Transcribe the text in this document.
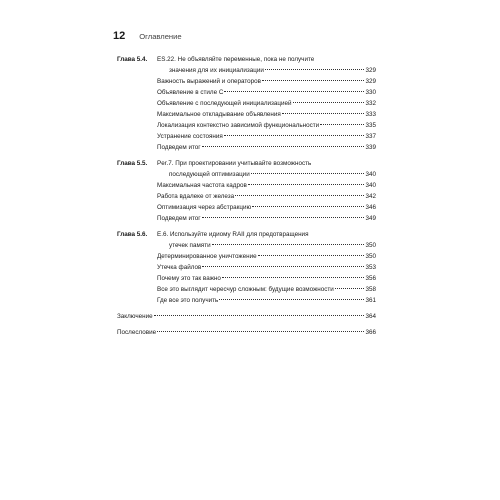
12 Оглавление
Глава 5.4.	ES.22. Не объявляйте переменные, пока не получите
значения для их инициализации	329
Важность выражений и операторов	329
Объявление в стиле C	330
Объявление с последующей инициализацией	332
Максимальное откладывание объявления	333
Локализация контекстно зависимой функциональности	335
Устранение состояния	337
Подведем итог	339
Глава 5.5.	Per.7. При проектировании учитывайте возможность
последующей оптимизации	340
Максимальная частота кадров	340
Работа вдалеке от железа	342
Оптимизация через абстракцию	346
Подведем итог	349
Глава 5.6.	E.6. Используйте идиому RAII для предотвращения
утечек памяти	350
Детерминированное уничтожение	350
Утечка файлов	353
Почему это так важно	356
Все это выглядит чересчур сложным: будущие возможности	358
Где все это получить	361
Заключение	364
Послесловие	366
